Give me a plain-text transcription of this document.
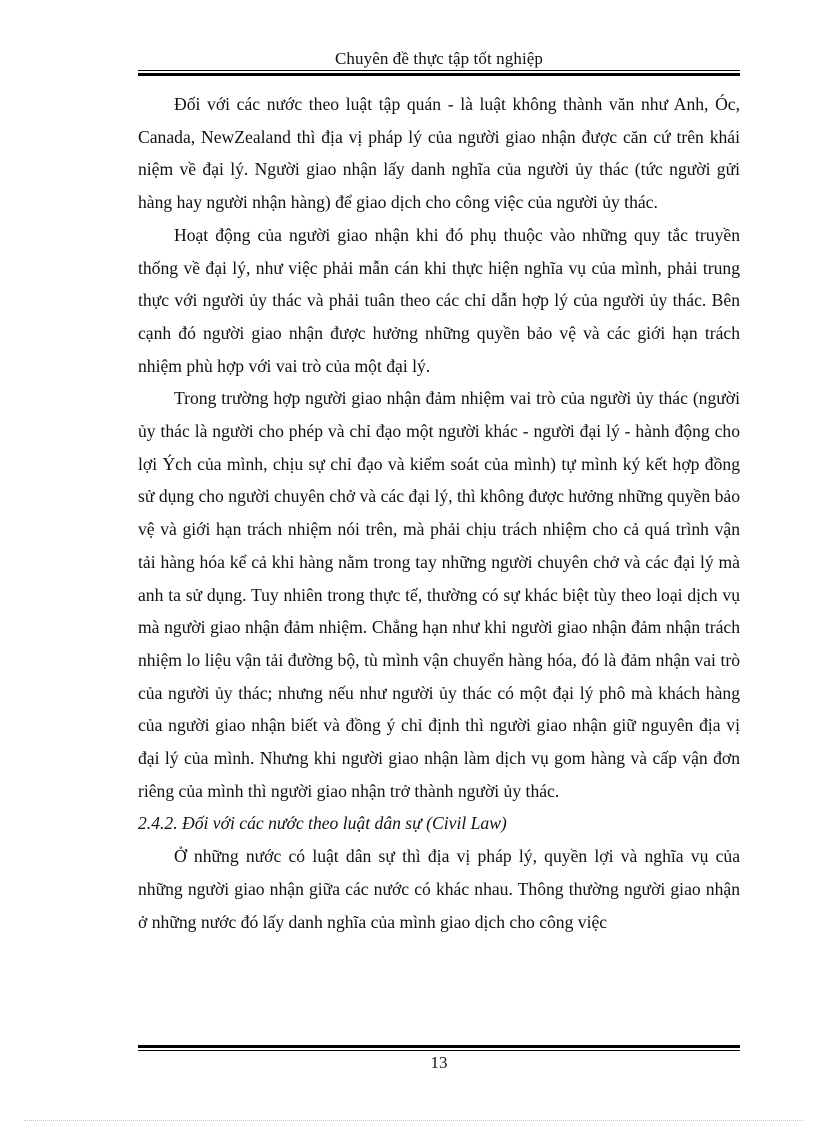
Chuyên đề thực tập tốt nghiệp

Đối với các nước theo luật tập quán - là luật không thành văn như Anh, Óc, Canada, NewZealand thì địa vị pháp lý của người giao nhận được căn cứ trên khái niệm về đại lý. Người giao nhận lấy danh nghĩa của người ủy thác (tức người gửi hàng hay người nhận hàng) để giao dịch cho công việc của người ủy thác.

Hoạt động của người giao nhận khi đó phụ thuộc vào những quy tắc truyền thống về đại lý, như việc phải mẫn cán khi thực hiện nghĩa vụ của mình, phải trung thực với người ủy thác và phải tuân theo các chỉ dẫn hợp lý của người ủy thác. Bên cạnh đó người giao nhận được hưởng những quyền bảo vệ và các giới hạn trách nhiệm phù hợp với vai trò của một đại lý.

Trong trường hợp người giao nhận đảm nhiệm vai trò của người ủy thác (người ủy thác là người cho phép và chỉ đạo một người khác - người đại lý - hành động cho lợi Ých của mình, chịu sự chỉ đạo và kiểm soát của mình) tự mình ký kết hợp đồng sử dụng cho người chuyên chở và các đại lý, thì không được hưởng những quyền bảo vệ và giới hạn trách nhiệm nói trên, mà phải chịu trách nhiệm cho cả quá trình vận tải hàng hóa kể cả khi hàng nằm trong tay những người chuyên chở và các đại lý mà anh ta sử dụng. Tuy nhiên trong thực tế, thường có sự khác biệt tùy theo loại dịch vụ mà người giao nhận đảm nhiệm. Chẳng hạn như khi người giao nhận đảm nhận trách nhiệm lo liệu vận tải đường bộ, tù mình vận chuyển hàng hóa, đó là đảm nhận vai trò của người ủy thác; nhưng nếu như người ủy thác có một đại lý phô mà khách hàng của người giao nhận biết và đồng ý chỉ định thì người giao nhận giữ nguyên địa vị đại lý của mình. Nhưng khi người giao nhận làm dịch vụ gom hàng và cấp vận đơn riêng của mình thì người giao nhận trở thành người ủy thác.

2.4.2. Đối với các nước theo luật dân sự (Civil Law)

Ở những nước có luật dân sự thì địa vị pháp lý, quyền lợi và nghĩa vụ của những người giao nhận giữa các nước có khác nhau. Thông thường người giao nhận ở những nước đó lấy danh nghĩa của mình giao dịch cho công việc

13
